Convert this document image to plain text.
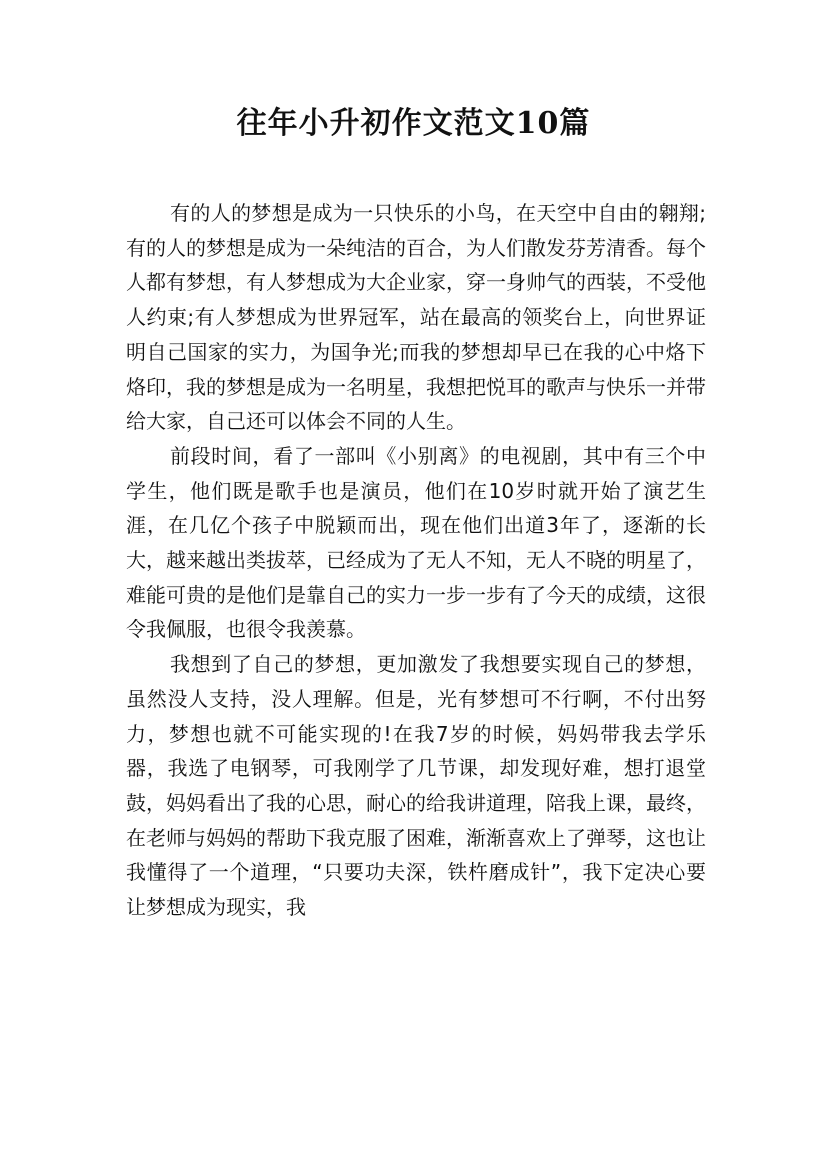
往年小升初作文范文10篇

有的人的梦想是成为一只快乐的小鸟，在天空中自由的翱翔;有的人的梦想是成为一朵纯洁的百合，为人们散发芬芳清香。每个人都有梦想，有人梦想成为大企业家，穿一身帅气的西装，不受他人约束;有人梦想成为世界冠军，站在最高的领奖台上，向世界证明自己国家的实力，为国争光;而我的梦想却早已在我的心中烙下烙印，我的梦想是成为一名明星，我想把悦耳的歌声与快乐一并带给大家，自己还可以体会不同的人生。

前段时间，看了一部叫《小别离》的电视剧，其中有三个中学生，他们既是歌手也是演员，他们在10岁时就开始了演艺生涯，在几亿个孩子中脱颖而出，现在他们出道3年了，逐渐的长大，越来越出类拔萃，已经成为了无人不知，无人不晓的明星了，难能可贵的是他们是靠自己的实力一步一步有了今天的成绩，这很令我佩服，也很令我羡慕。

我想到了自己的梦想，更加激发了我想要实现自己的梦想，虽然没人支持，没人理解。但是，光有梦想可不行啊，不付出努力，梦想也就不可能实现的!在我7岁的时候，妈妈带我去学乐器，我选了电钢琴，可我刚学了几节课，却发现好难，想打退堂鼓，妈妈看出了我的心思，耐心的给我讲道理，陪我上课，最终，在老师与妈妈的帮助下我克服了困难，渐渐喜欢上了弹琴，这也让我懂得了一个道理，“只要功夫深，铁杵磨成针”，我下定决心要让梦想成为现实，我
